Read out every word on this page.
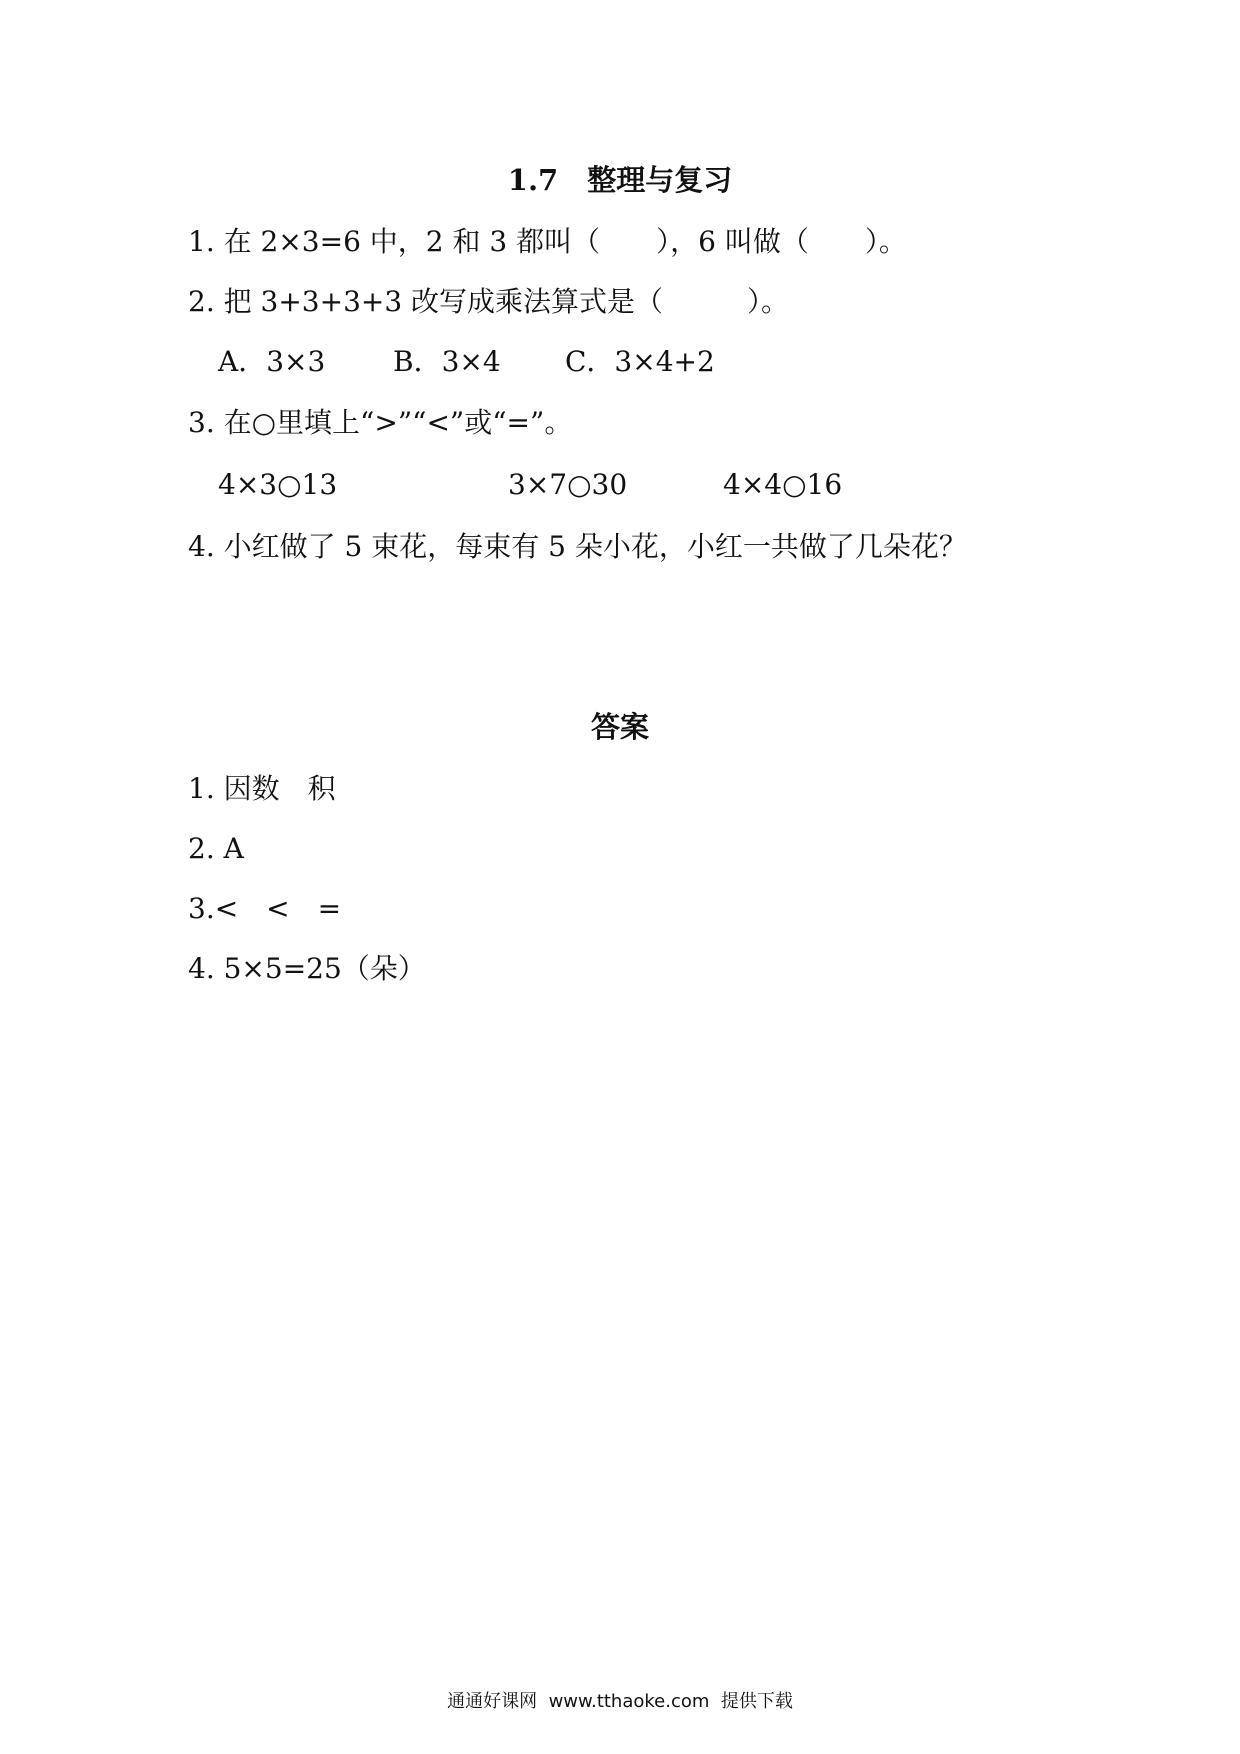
1.7　整理与复习
1. 在 2×3=6 中，2 和 3 都叫（　　），6 叫做（　　）。
2. 把 3+3+3+3 改写成乘法算式是（　　　）。
A．3×3 B．3×4 C．3×4+2
3. 在○里填上“>”“<”或“=”。
4×3○13	3×7○30	4×4○16
4. 小红做了 5 束花，每束有 5 朵小花，小红一共做了几朵花？
答案
1. 因数　积
2. A
3.<　<　=
4. 5×5=25（朵）
通通好课网  www.tthaoke.com  提供下载
